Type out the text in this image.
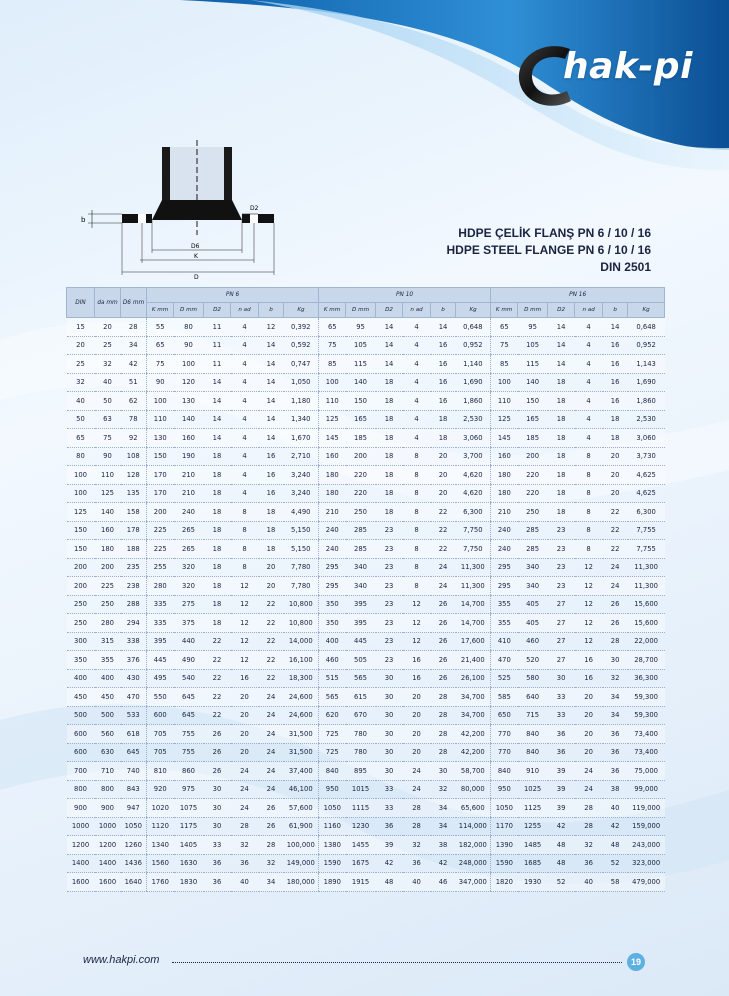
hak-pi
b
D2
D6
K
D
HDPE ÇELİK FLANŞ PN 6 / 10 / 16
HDPE STEEL FLANGE PN 6 / 10 / 16
DIN 2501
DIN	da mm	D6 mm	PN 6						PN 10						PN 16					
			K mm	D mm	D2	n ad	b	Kg	K mm	D mm	D2	n ad	b	Kg	K mm	D mm	D2	n ad	b	Kg
15	20	28	55	80	11	4	12	0,392	65	95	14	4	14	0,648	65	95	14	4	14	0,648
20	25	34	65	90	11	4	14	0,592	75	105	14	4	16	0,952	75	105	14	4	16	0,952
25	32	42	75	100	11	4	14	0,747	85	115	14	4	16	1,140	85	115	14	4	16	1,143
32	40	51	90	120	14	4	14	1,050	100	140	18	4	16	1,690	100	140	18	4	16	1,690
40	50	62	100	130	14	4	14	1,180	110	150	18	4	16	1,860	110	150	18	4	16	1,860
50	63	78	110	140	14	4	14	1,340	125	165	18	4	18	2,530	125	165	18	4	18	2,530
65	75	92	130	160	14	4	14	1,670	145	185	18	4	18	3,060	145	185	18	4	18	3,060
80	90	108	150	190	18	4	16	2,710	160	200	18	8	20	3,700	160	200	18	8	20	3,730
100	110	128	170	210	18	4	16	3,240	180	220	18	8	20	4,620	180	220	18	8	20	4,625
100	125	135	170	210	18	4	16	3,240	180	220	18	8	20	4,620	180	220	18	8	20	4,625
125	140	158	200	240	18	8	18	4,490	210	250	18	8	22	6,300	210	250	18	8	22	6,300
150	160	178	225	265	18	8	18	5,150	240	285	23	8	22	7,750	240	285	23	8	22	7,755
150	180	188	225	265	18	8	18	5,150	240	285	23	8	22	7,750	240	285	23	8	22	7,755
200	200	235	255	320	18	8	20	7,780	295	340	23	8	24	11,300	295	340	23	12	24	11,300
200	225	238	280	320	18	12	20	7,780	295	340	23	8	24	11,300	295	340	23	12	24	11,300
250	250	288	335	275	18	12	22	10,800	350	395	23	12	26	14,700	355	405	27	12	26	15,600
250	280	294	335	375	18	12	22	10,800	350	395	23	12	26	14,700	355	405	27	12	26	15,600
300	315	338	395	440	22	12	22	14,000	400	445	23	12	26	17,600	410	460	27	12	28	22,000
350	355	376	445	490	22	12	22	16,100	460	505	23	16	26	21,400	470	520	27	16	30	28,700
400	400	430	495	540	22	16	22	18,300	515	565	30	16	26	26,100	525	580	30	16	32	36,300
450	450	470	550	645	22	20	24	24,600	565	615	30	20	28	34,700	585	640	33	20	34	59,300
500	500	533	600	645	22	20	24	24,600	620	670	30	20	28	34,700	650	715	33	20	34	59,300
600	560	618	705	755	26	20	24	31,500	725	780	30	20	28	42,200	770	840	36	20	36	73,400
600	630	645	705	755	26	20	24	31,500	725	780	30	20	28	42,200	770	840	36	20	36	73,400
700	710	740	810	860	26	24	24	37,400	840	895	30	24	30	58,700	840	910	39	24	36	75,000
800	800	843	920	975	30	24	24	46,100	950	1015	33	24	32	80,000	950	1025	39	24	38	99,000
900	900	947	1020	1075	30	24	26	57,600	1050	1115	33	28	34	65,600	1050	1125	39	28	40	119,000
1000	1000	1050	1120	1175	30	28	26	61,900	1160	1230	36	28	34	114,000	1170	1255	42	28	42	159,000
1200	1200	1260	1340	1405	33	32	28	100,000	1380	1455	39	32	38	182,000	1390	1485	48	32	48	243,000
1400	1400	1436	1560	1630	36	36	32	149,000	1590	1675	42	36	42	248,000	1590	1685	48	36	52	323,000
1600	1600	1640	1760	1830	36	40	34	180,000	1890	1915	48	40	46	347,000	1820	1930	52	40	58	479,000
www.hakpi.com	19
